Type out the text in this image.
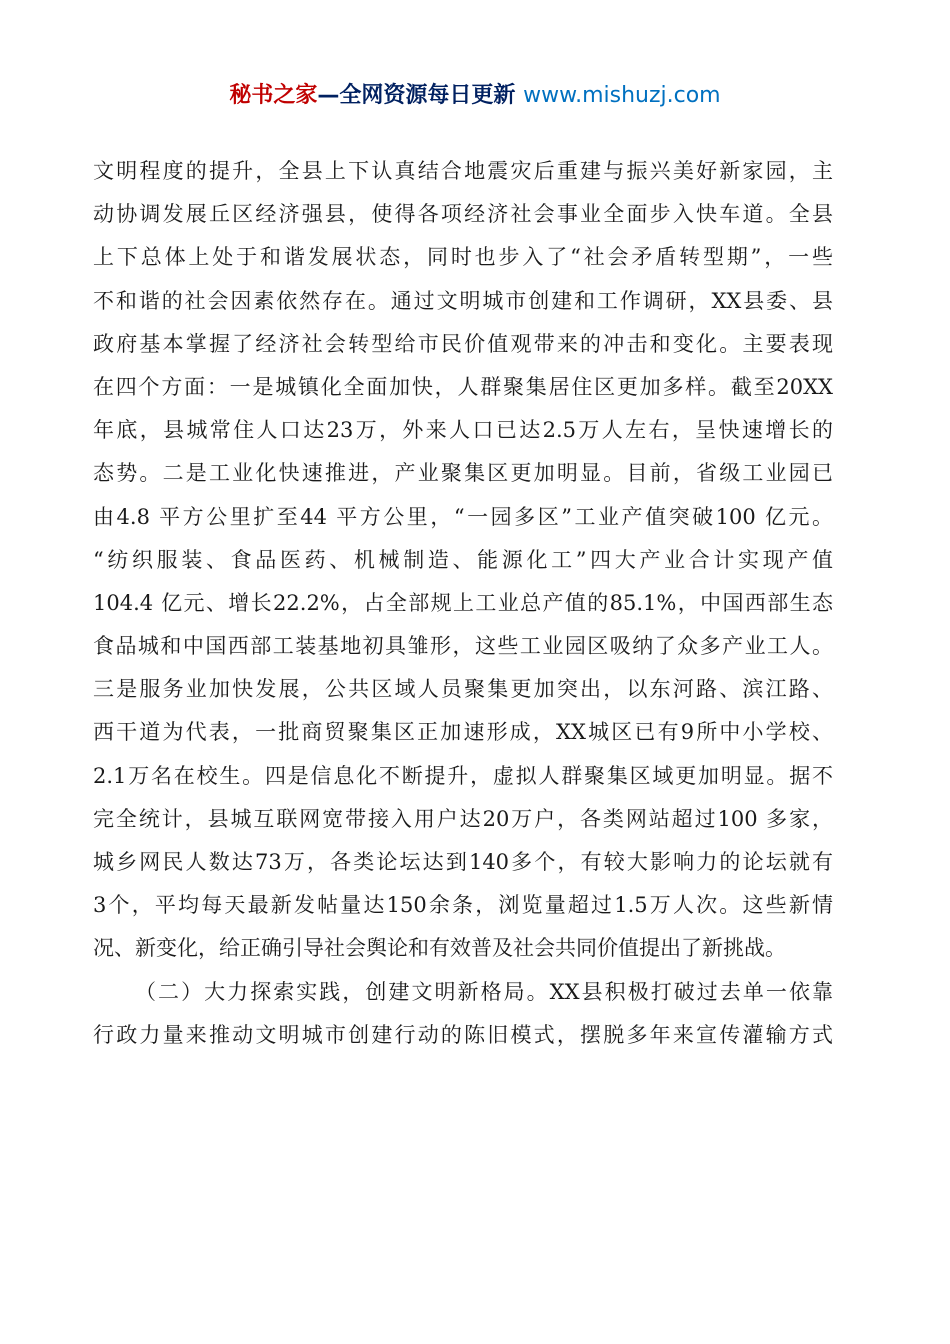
秘书之家—全网资源每日更新 www.mishuzj.com
文明程度的提升，全县上下认真结合地震灾后重建与振兴美好新家园，主
动协调发展丘区经济强县，使得各项经济社会事业全面步入快车道。全县
上下总体上处于和谐发展状态，同时也步入了“社会矛盾转型期”，一些
不和谐的社会因素依然存在。通过文明城市创建和工作调研，XX县委、县
政府基本掌握了经济社会转型给市民价值观带来的冲击和变化。主要表现
在四个方面：一是城镇化全面加快，人群聚集居住区更加多样。截至20XX
年底，县城常住人口达23万，外来人口已达2.5万人左右，呈快速增长的
态势。二是工业化快速推进，产业聚集区更加明显。目前，省级工业园已
由4.8 平方公里扩至44 平方公里，“一园多区”工业产值突破100 亿元。
“纺织服装、食品医药、机械制造、能源化工”四大产业合计实现产值
104.4 亿元、增长22.2%，占全部规上工业总产值的85.1%，中国西部生态
食品城和中国西部工装基地初具雏形，这些工业园区吸纳了众多产业工人。
三是服务业加快发展，公共区域人员聚集更加突出，以东河路、滨江路、
西干道为代表，一批商贸聚集区正加速形成，XX城区已有9所中小学校、
2.1万名在校生。四是信息化不断提升，虚拟人群聚集区域更加明显。据不
完全统计，县城互联网宽带接入用户达20万户，各类网站超过100 多家，
城乡网民人数达73万，各类论坛达到140多个，有较大影响力的论坛就有
3个，平均每天最新发帖量达150余条，浏览量超过1.5万人次。这些新情
况、新变化，给正确引导社会舆论和有效普及社会共同价值提出了新挑战。
（二）大力探索实践，创建文明新格局。XX县积极打破过去单一依靠
行政力量来推动文明城市创建行动的陈旧模式，摆脱多年来宣传灌输方式
